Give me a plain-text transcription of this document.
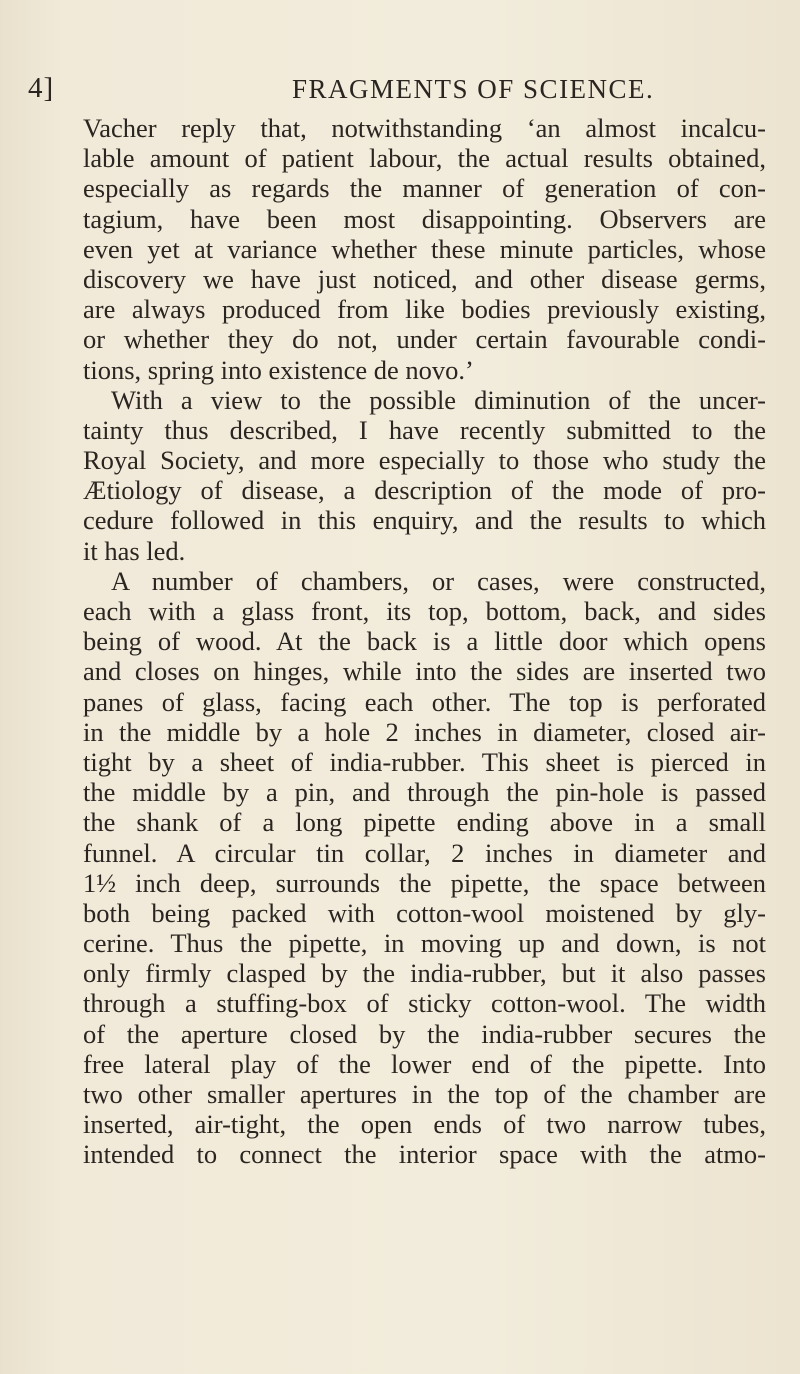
4]	FRAGMENTS OF SCIENCE.
Vacher reply that, notwithstanding ‘an almost incalcu-
lable amount of patient labour, the actual results obtained,
especially as regards the manner of generation of con-
tagium, have been most disappointing. Observers are
even yet at variance whether these minute particles, whose
discovery we have just noticed, and other disease germs,
are always produced from like bodies previously existing,
or whether they do not, under certain favourable condi-
tions, spring into existence de novo.’
With a view to the possible diminution of the uncer-
tainty thus described, I have recently submitted to the
Royal Society, and more especially to those who study the
Ætiology of disease, a description of the mode of pro-
cedure followed in this enquiry, and the results to which
it has led.
A number of chambers, or cases, were constructed,
each with a glass front, its top, bottom, back, and sides
being of wood. At the back is a little door which opens
and closes on hinges, while into the sides are inserted two
panes of glass, facing each other. The top is perforated
in the middle by a hole 2 inches in diameter, closed air-
tight by a sheet of india-rubber. This sheet is pierced in
the middle by a pin, and through the pin-hole is passed
the shank of a long pipette ending above in a small
funnel. A circular tin collar, 2 inches in diameter and
1½ inch deep, surrounds the pipette, the space between
both being packed with cotton-wool moistened by gly-
cerine. Thus the pipette, in moving up and down, is not
only firmly clasped by the india-rubber, but it also passes
through a stuffing-box of sticky cotton-wool. The width
of the aperture closed by the india-rubber secures the
free lateral play of the lower end of the pipette. Into
two other smaller apertures in the top of the chamber are
inserted, air-tight, the open ends of two narrow tubes,
intended to connect the interior space with the atmo-
